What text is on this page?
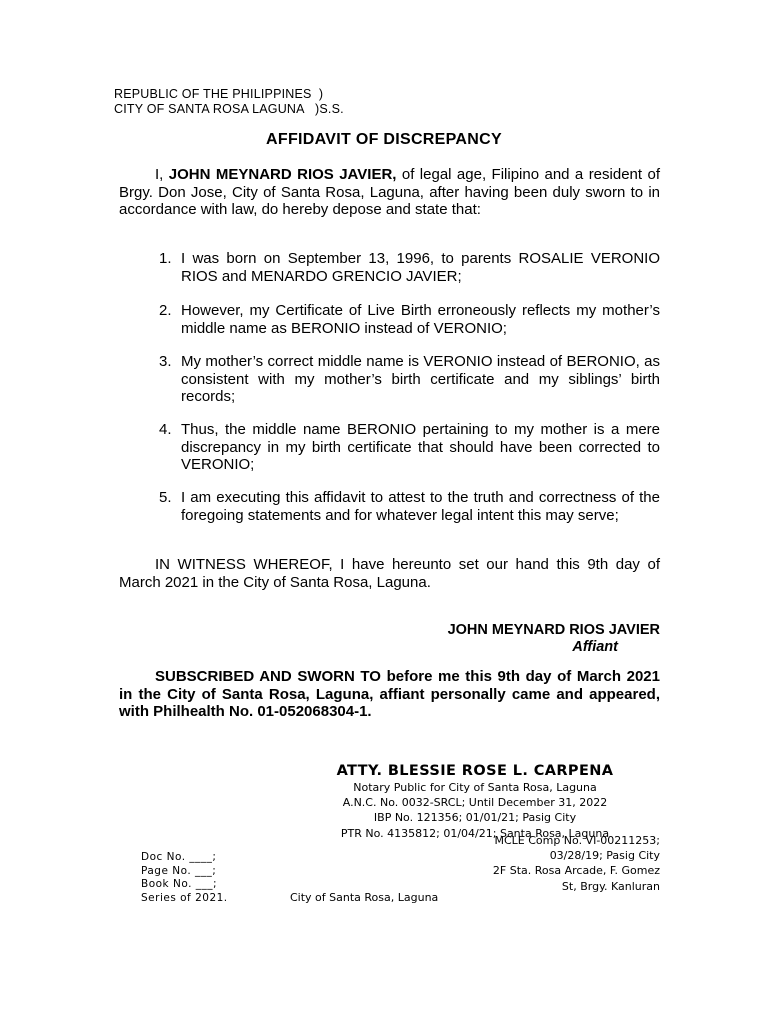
REPUBLIC OF THE PHILIPPINES  )
CITY OF SANTA ROSA LAGUNA   )S.S.
AFFIDAVIT OF DISCREPANCY
I, JOHN MEYNARD RIOS JAVIER, of legal age, Filipino and a resident of Brgy. Don Jose, City of Santa Rosa, Laguna, after having been duly sworn to in accordance with law, do hereby depose and state that:
1. I was born on September 13, 1996, to parents ROSALIE VERONIO RIOS and MENARDO GRENCIO JAVIER;
2. However, my Certificate of Live Birth erroneously reflects my mother’s middle name as BERONIO instead of VERONIO;
3. My mother’s correct middle name is VERONIO instead of BERONIO, as consistent with my mother’s birth certificate and my siblings’ birth records;
4. Thus, the middle name BERONIO pertaining to my mother is a mere discrepancy in my birth certificate that should have been corrected to VERONIO;
5. I am executing this affidavit to attest to the truth and correctness of the foregoing statements and for whatever legal intent this may serve;
IN WITNESS WHEREOF, I have hereunto set our hand this 9th day of March 2021 in the City of Santa Rosa, Laguna.
JOHN MEYNARD RIOS JAVIER
Affiant
SUBSCRIBED AND SWORN TO before me this 9th day of March 2021 in the City of Santa Rosa, Laguna, affiant personally came and appeared, with Philhealth No. 01-052068304-1.
ATTY. BLESSIE ROSE L. CARPENA
Notary Public for City of Santa Rosa, Laguna
A.N.C. No. 0032-SRCL; Until December 31, 2022
IBP No. 121356; 01/01/21; Pasig City
PTR No. 4135812; 01/04/21; Santa Rosa, Laguna
MCLE Comp No. VI-00211253;
03/28/19; Pasig City
2F Sta. Rosa Arcade, F. Gomez
St, Brgy. Kanluran
Doc No. ____;
Page No. ___;
Book No. ___;
Series of 2021.	City of Santa Rosa, Laguna
